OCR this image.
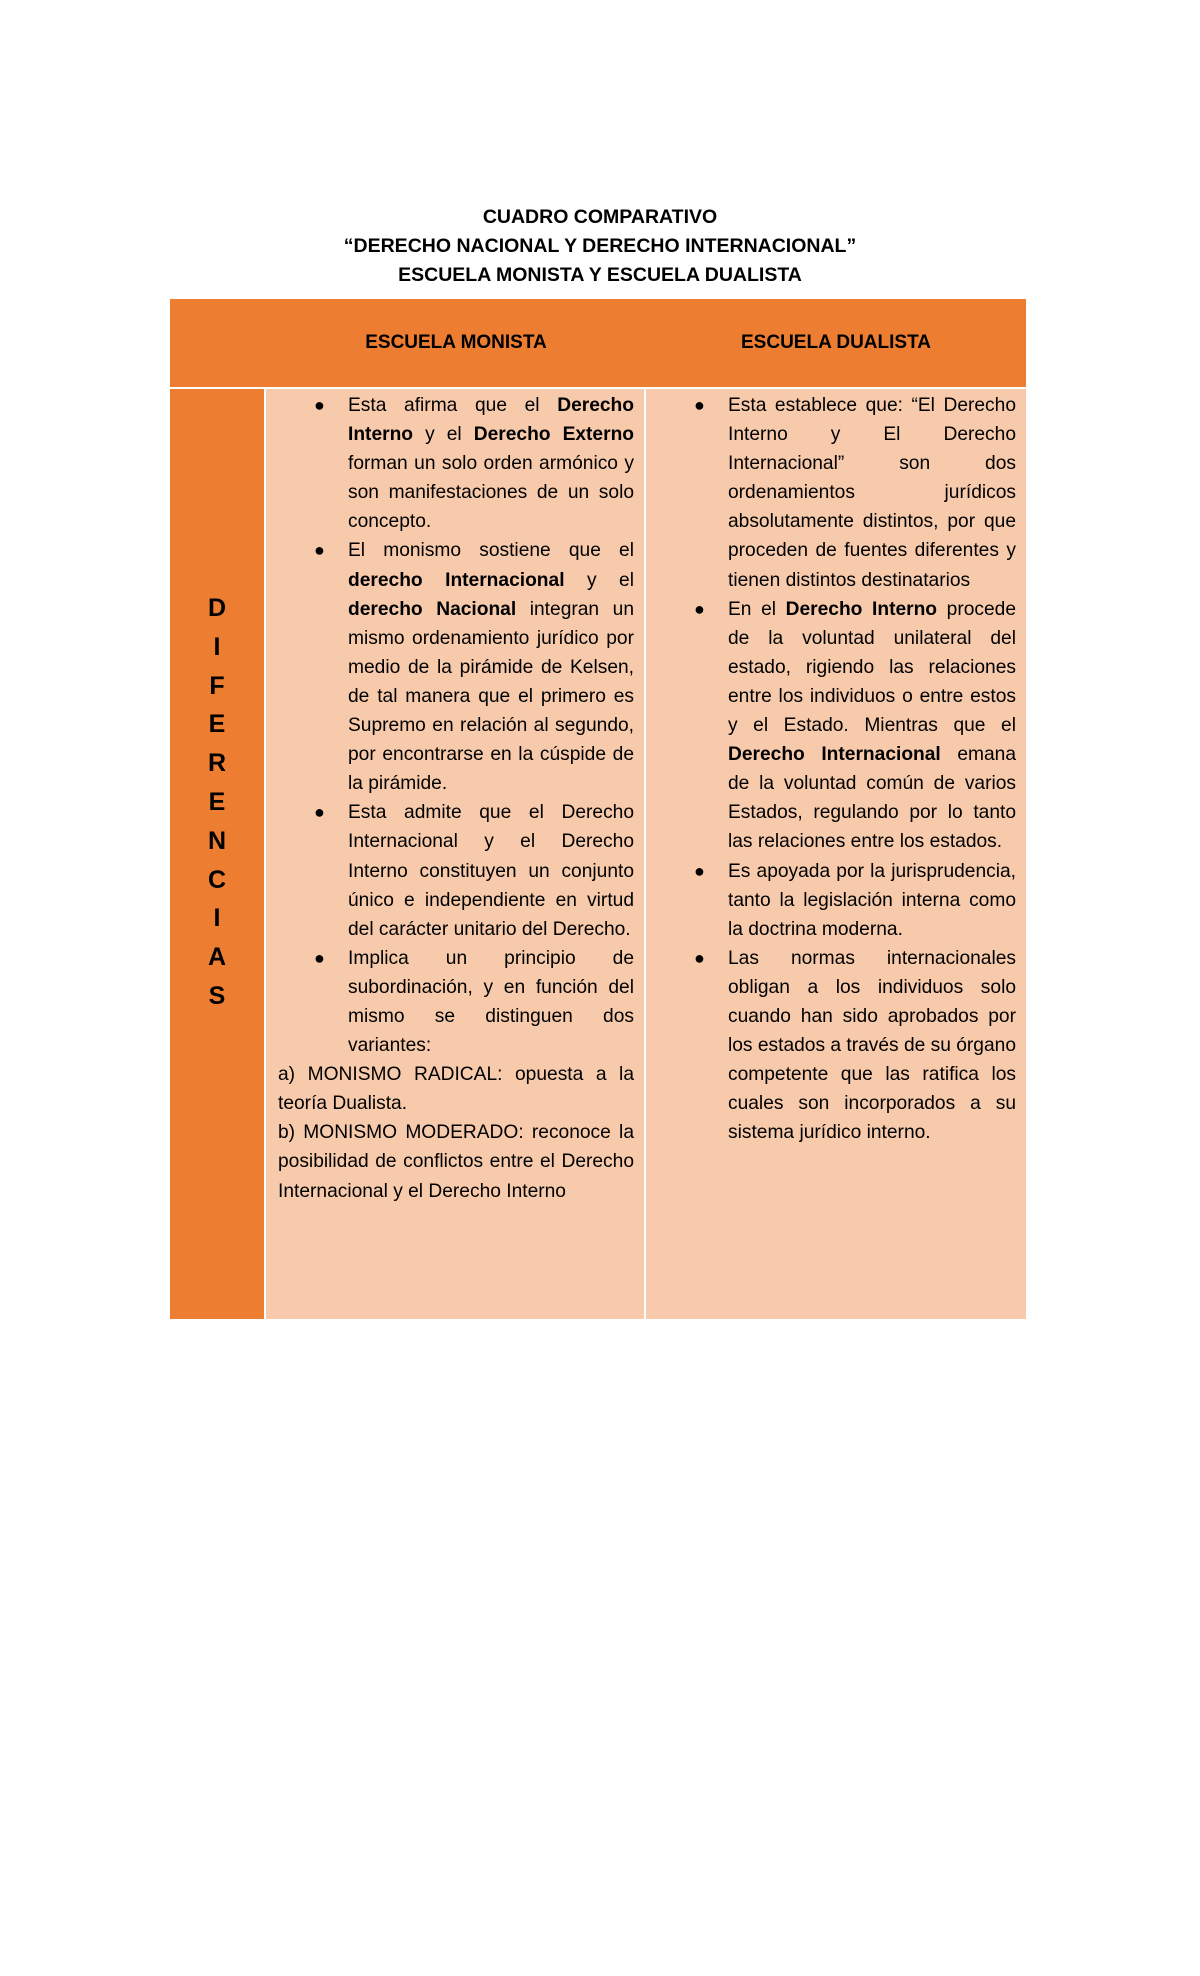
CUADRO COMPARATIVO
“DERECHO NACIONAL Y DERECHO INTERNACIONAL”
ESCUELA MONISTA Y ESCUELA DUALISTA
ESCUELA MONISTA	ESCUELA DUALISTA
D
I
F
E
R
E
N
C
I
A
S
● Esta afirma que el Derecho Interno y el Derecho Externo forman un solo orden armónico y son manifestaciones de un solo concepto.
● El monismo sostiene que el derecho Internacional y el derecho Nacional integran un mismo ordenamiento jurídico por medio de la pirámide de Kelsen, de tal manera que el primero es Supremo en relación al segundo, por encontrarse en la cúspide de la pirámide.
● Esta admite que el Derecho Internacional y el Derecho Interno constituyen un conjunto único e independiente en virtud del carácter unitario del Derecho.
● Implica un principio de subordinación, y en función del mismo se distinguen dos variantes:

a) MONISMO RADICAL: opuesta a la teoría Dualista.

b) MONISMO MODERADO: reconoce la posibilidad de conflictos entre el Derecho Internacional y el Derecho Interno

● Esta establece que: “El Derecho Interno y El Derecho Internacional” son dos ordenamientos jurídicos absolutamente distintos, por que proceden de fuentes diferentes y tienen distintos destinatarios
● En el Derecho Interno procede de la voluntad unilateral del estado, rigiendo las relaciones entre los individuos o entre estos y el Estado. Mientras que el Derecho Internacional emana de la voluntad común de varios Estados, regulando por lo tanto las relaciones entre los estados.
● Es apoyada por la jurisprudencia, tanto la legislación interna como la doctrina moderna.
● Las normas internacionales obligan a los individuos solo cuando han sido aprobados por los estados a través de su órgano competente que las ratifica los cuales son incorporados a su sistema jurídico interno.
